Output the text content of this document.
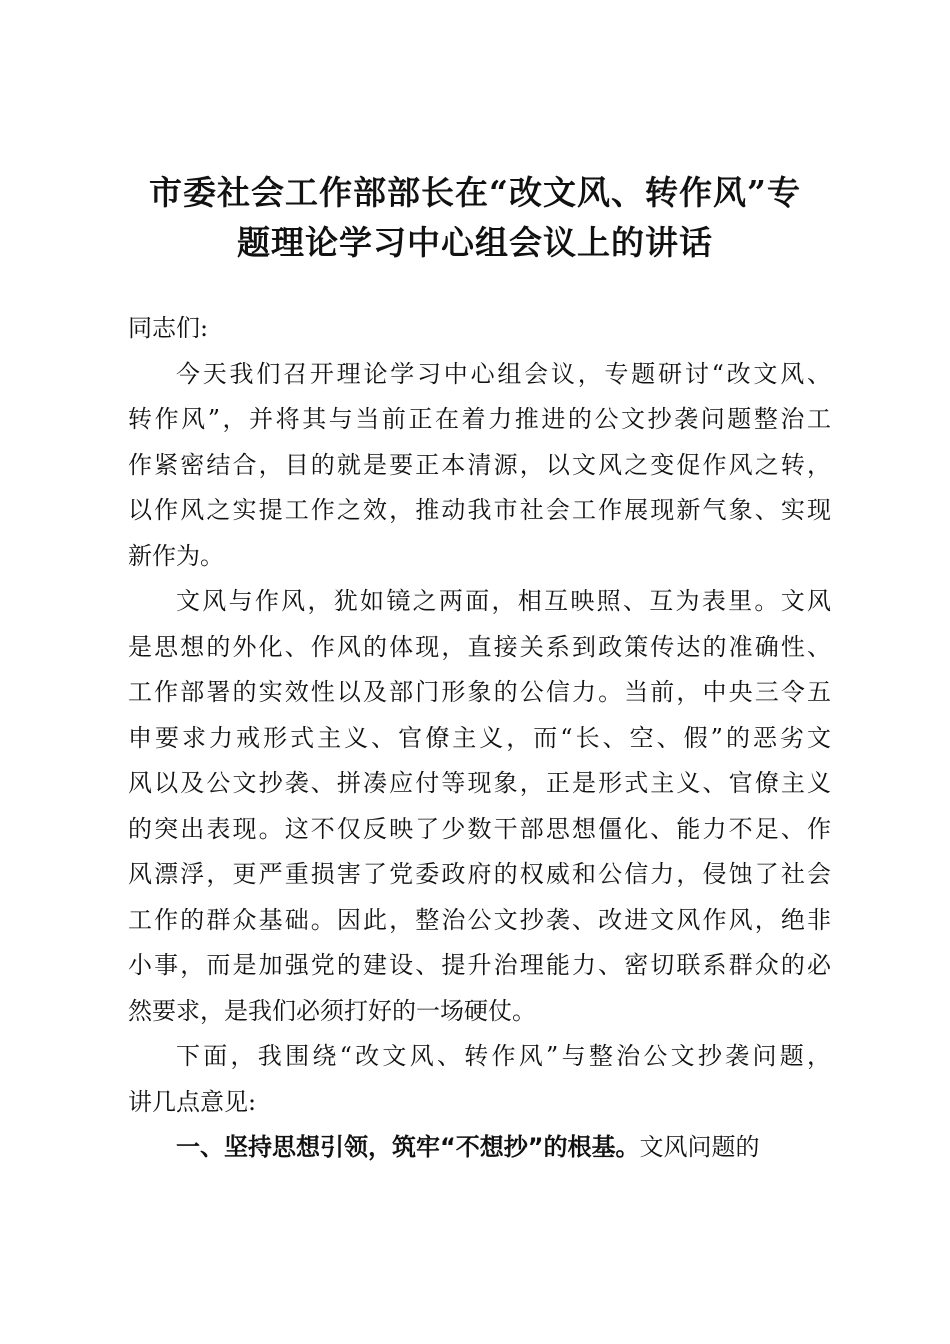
市委社会工作部部长在“改文风、转作风”专
题理论学习中心组会议上的讲话

同志们:

今天我们召开理论学习中心组会议，专题研讨“改文风、
转作风”，并将其与当前正在着力推进的公文抄袭问题整治工
作紧密结合，目的就是要正本清源，以文风之变促作风之转，
以作风之实提工作之效，推动我市社会工作展现新气象、实现
新作为。

文风与作风，犹如镜之两面，相互映照、互为表里。文风
是思想的外化、作风的体现，直接关系到政策传达的准确性、
工作部署的实效性以及部门形象的公信力。当前，中央三令五
申要求力戒形式主义、官僚主义，而“长、空、假”的恶劣文
风以及公文抄袭、拼凑应付等现象，正是形式主义、官僚主义
的突出表现。这不仅反映了少数干部思想僵化、能力不足、作
风漂浮，更严重损害了党委政府的权威和公信力，侵蚀了社会
工作的群众基础。因此，整治公文抄袭、改进文风作风，绝非
小事，而是加强党的建设、提升治理能力、密切联系群众的必
然要求，是我们必须打好的一场硬仗。

下面，我围绕“改文风、转作风”与整治公文抄袭问题，
讲几点意见:

一、坚持思想引领，筑牢“不想抄”的根基。文风问题的
